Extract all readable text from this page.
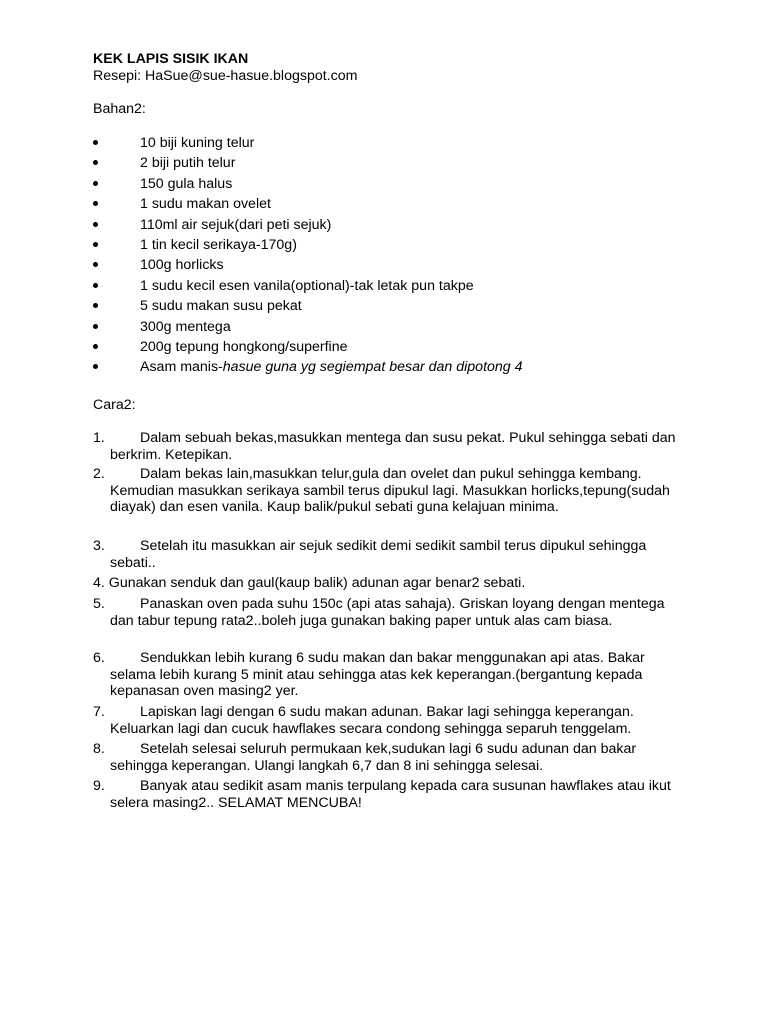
KEK LAPIS SISIK IKAN
Resepi: HaSue@sue-hasue.blogspot.com
Bahan2:
10 biji kuning telur
2 biji putih telur
150 gula halus
1 sudu makan ovelet
110ml air sejuk(dari peti sejuk)
1 tin kecil serikaya-170g)
100g horlicks
1 sudu kecil esen vanila(optional)-tak letak pun takpe
5 sudu makan susu pekat
300g mentega
200g tepung hongkong/superfine
Asam manis-hasue guna yg segiempat besar dan dipotong 4
Cara2:
1.	Dalam sebuah bekas,masukkan mentega dan susu pekat. Pukul sehingga sebati dan berkrim. Ketepikan.
2.	Dalam bekas lain,masukkan telur,gula dan ovelet dan pukul sehingga kembang. Kemudian masukkan serikaya sambil terus dipukul lagi. Masukkan horlicks,tepung(sudah diayak) dan esen vanila. Kaup balik/pukul sebati guna kelajuan minima.
3.	Setelah itu masukkan air sejuk sedikit demi sedikit sambil terus dipukul sehingga sebati..
4. Gunakan senduk dan gaul(kaup balik) adunan agar benar2 sebati.
5.	Panaskan oven pada suhu 150c (api atas sahaja). Griskan loyang dengan mentega dan tabur tepung rata2..boleh juga gunakan baking paper untuk alas cam biasa.
6.	Sendukkan lebih kurang 6 sudu makan dan bakar menggunakan api atas. Bakar selama lebih kurang 5 minit atau sehingga atas kek keperangan.(bergantung kepada kepanasan oven masing2 yer.
7.	Lapiskan lagi dengan 6 sudu makan adunan. Bakar lagi sehingga keperangan. Keluarkan lagi dan cucuk hawflakes secara condong sehingga separuh tenggelam.
8.	Setelah selesai seluruh permukaan kek,sudukan lagi 6 sudu adunan dan bakar sehingga keperangan. Ulangi langkah 6,7 dan 8 ini sehingga selesai.
9.	Banyak atau sedikit asam manis terpulang kepada cara susunan hawflakes atau ikut selera masing2.. SELAMAT MENCUBA!
